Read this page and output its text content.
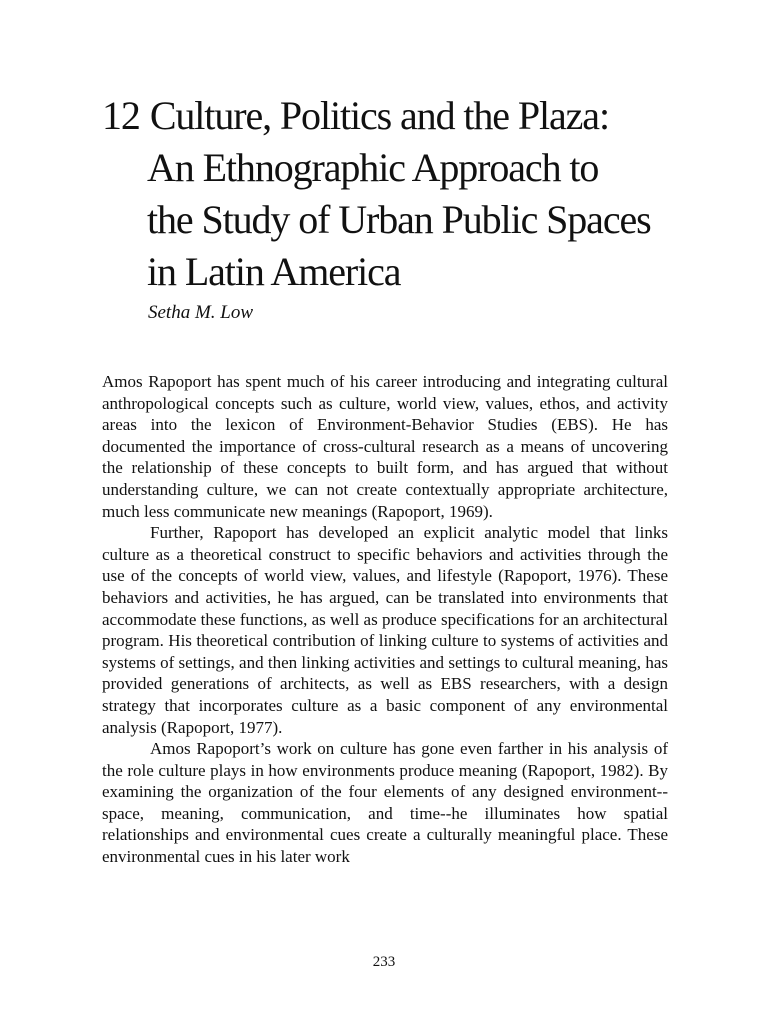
12 Culture, Politics and the Plaza:
An Ethnographic Approach to
the Study of Urban Public Spaces
in Latin America
Setha M. Low

Amos Rapoport has spent much of his career introducing and integrating cultural anthropological concepts such as culture, world view, values, ethos, and activity areas into the lexicon of Environment-Behavior Studies (EBS). He has documented the importance of cross-cultural research as a means of uncovering the relationship of these concepts to built form, and has argued that without understanding culture, we can not create contextually appropriate architecture, much less communicate new meanings (Rapoport, 1969).

Further, Rapoport has developed an explicit analytic model that links culture as a theoretical construct to specific behaviors and activities through the use of the concepts of world view, values, and lifestyle (Rapoport, 1976). These behaviors and activities, he has argued, can be translated into environments that accommodate these functions, as well as produce specifications for an architectural program. His theoretical contribution of linking culture to systems of activities and systems of settings, and then linking activities and settings to cultural meaning, has provided generations of architects, as well as EBS researchers, with a design strategy that incorporates culture as a basic component of any environmental analysis (Rapoport, 1977).

Amos Rapoport’s work on culture has gone even farther in his analysis of the role culture plays in how environments produce meaning (Rapoport, 1982). By examining the organization of the four elements of any designed environment--space, meaning, communication, and time--he illuminates how spatial relationships and environmental cues create a culturally meaningful place. These environmental cues in his later work

233
